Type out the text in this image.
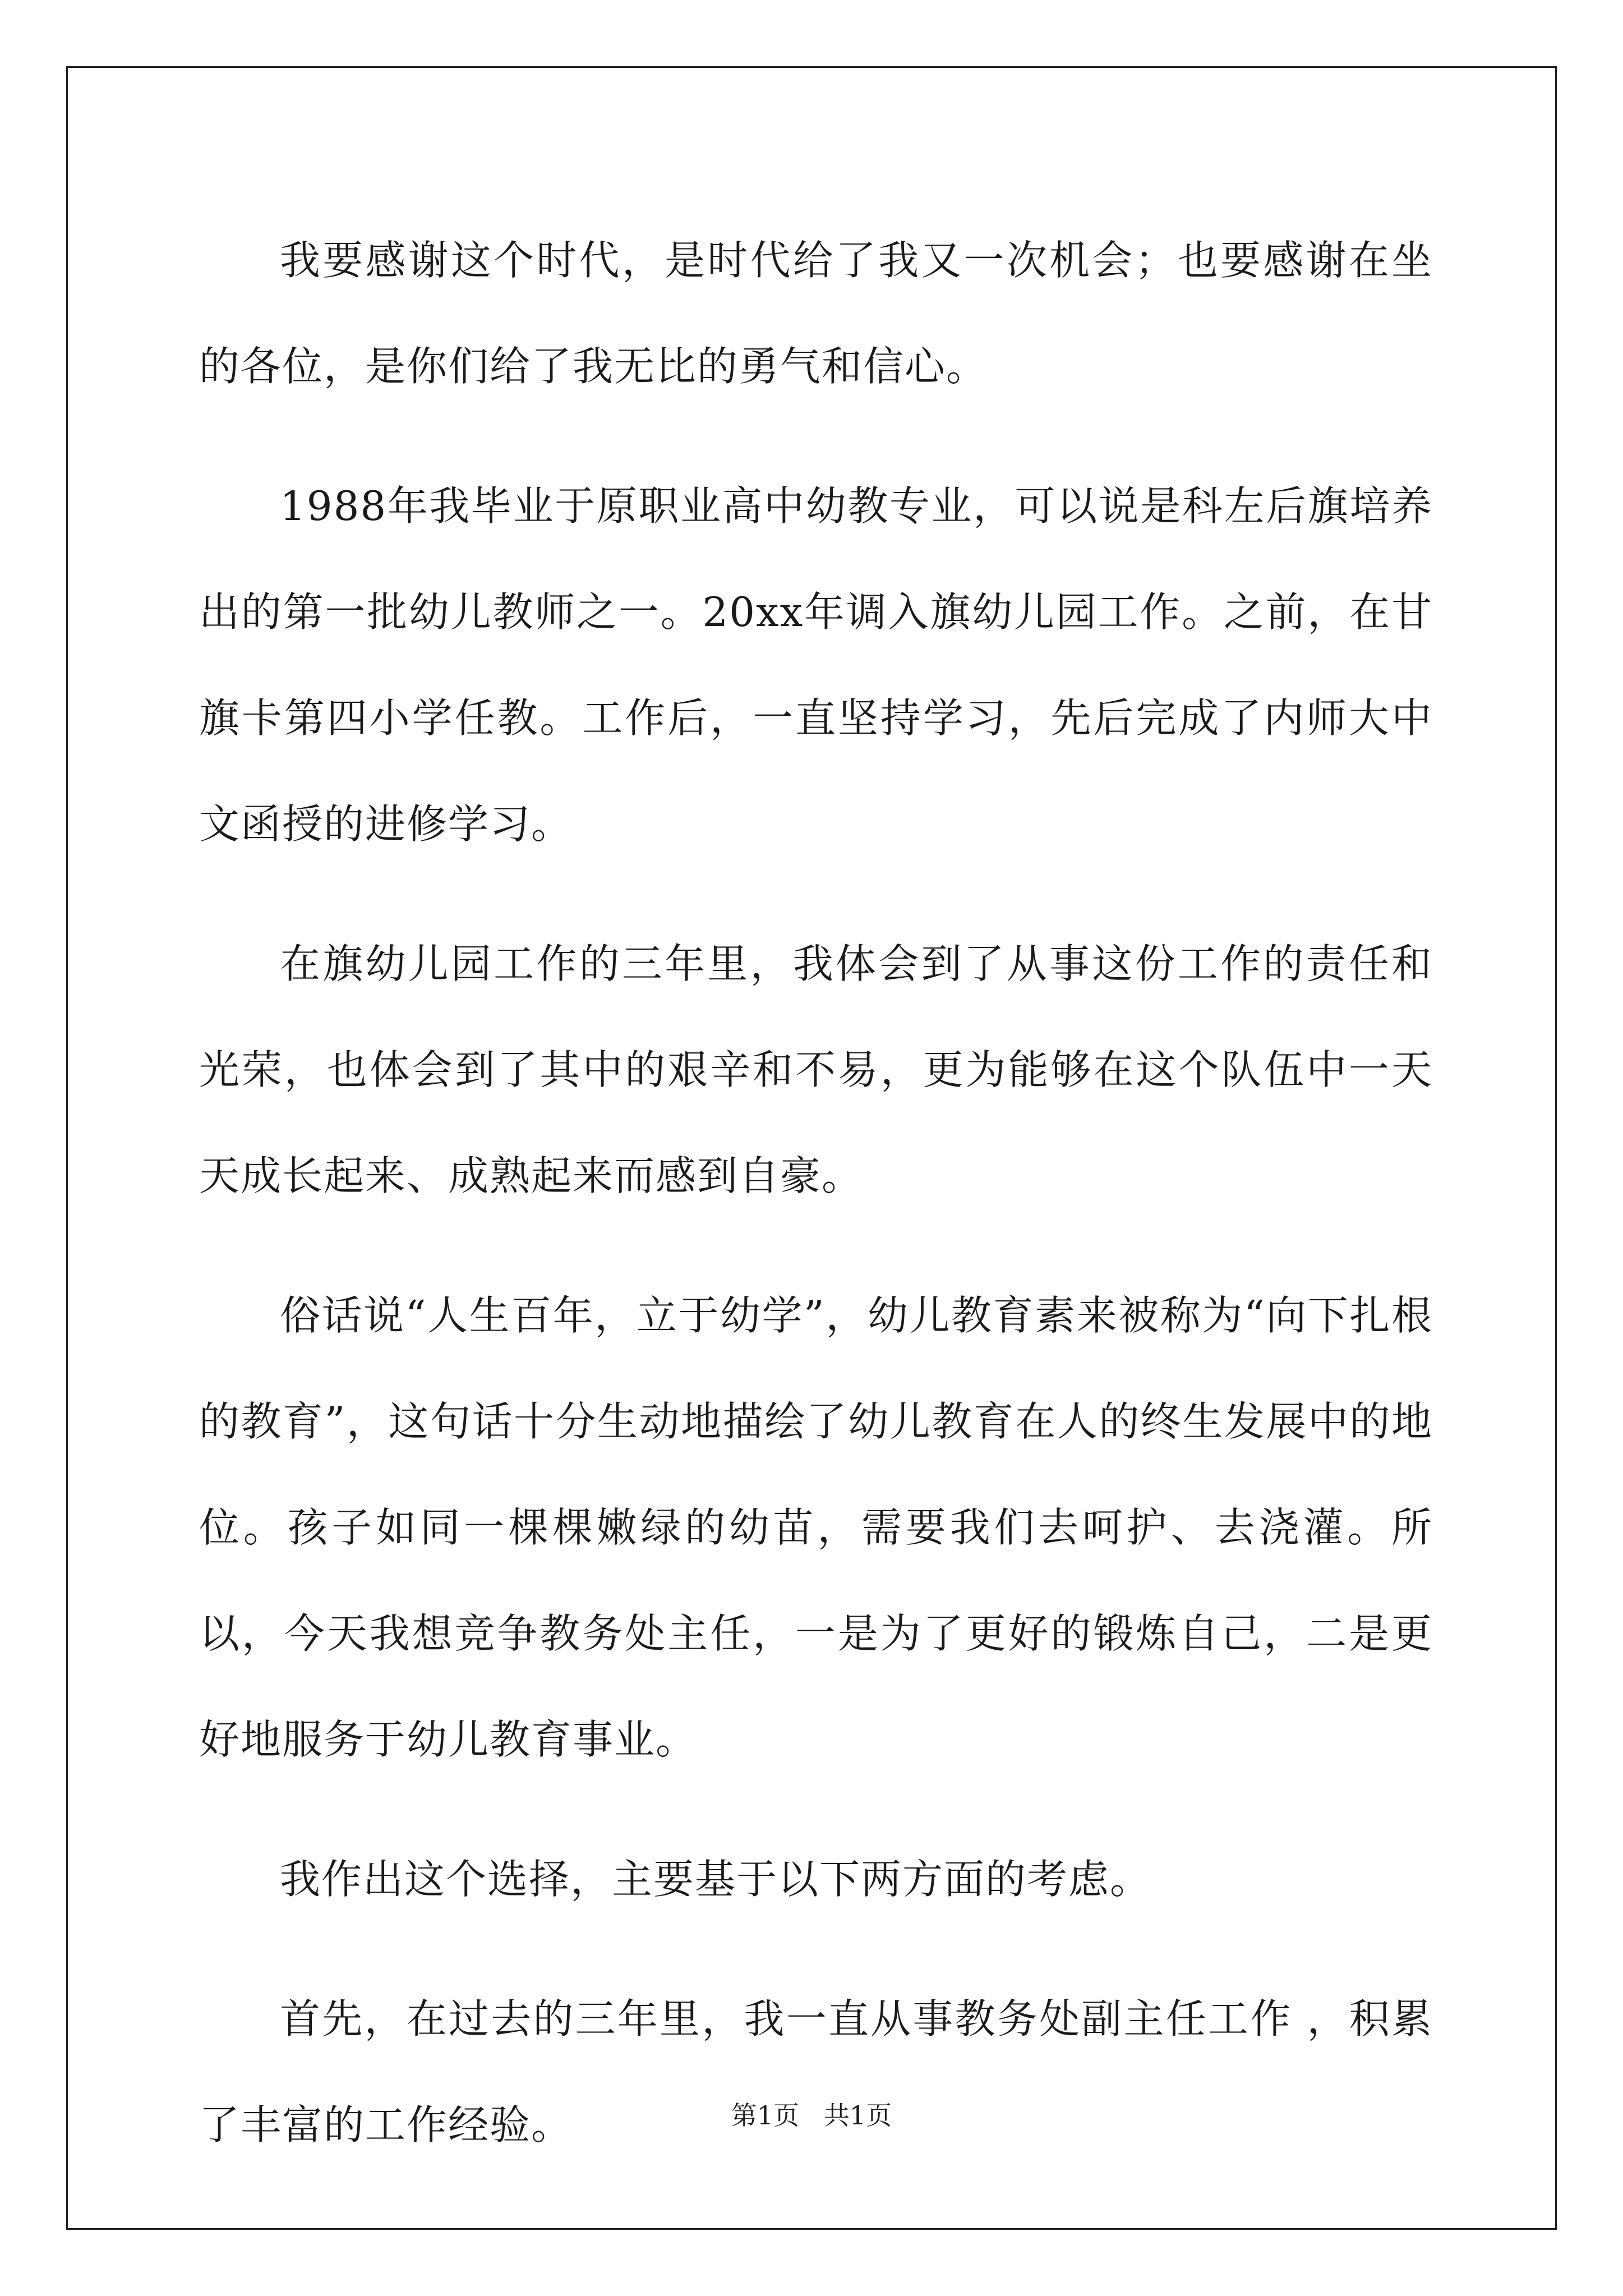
我要感谢这个时代，是时代给了我又一次机会；也要感谢在坐的各位，是你们给了我无比的勇气和信心。

1988年我毕业于原职业高中幼教专业，可以说是科左后旗培养出的第一批幼儿教师之一。20xx年调入旗幼儿园工作。之前，在甘旗卡第四小学任教。工作后，一直坚持学习，先后完成了内师大中文函授的进修学习。

在旗幼儿园工作的三年里，我体会到了从事这份工作的责任和光荣，也体会到了其中的艰辛和不易，更为能够在这个队伍中一天天成长起来、成熟起来而感到自豪。

俗话说“人生百年，立于幼学”，幼儿教育素来被称为“向下扎根的教育”，这句话十分生动地描绘了幼儿教育在人的终生发展中的地位。孩子如同一棵棵嫩绿的幼苗，需要我们去呵护、去浇灌。所以，今天我想竞争教务处主任，一是为了更好的锻炼自己，二是更好地服务于幼儿教育事业。

我作出这个选择，主要基于以下两方面的考虑。

首先，在过去的三年里，我一直从事教务处副主任工作 ，积累了丰富的工作经验。	第1页   共1页
